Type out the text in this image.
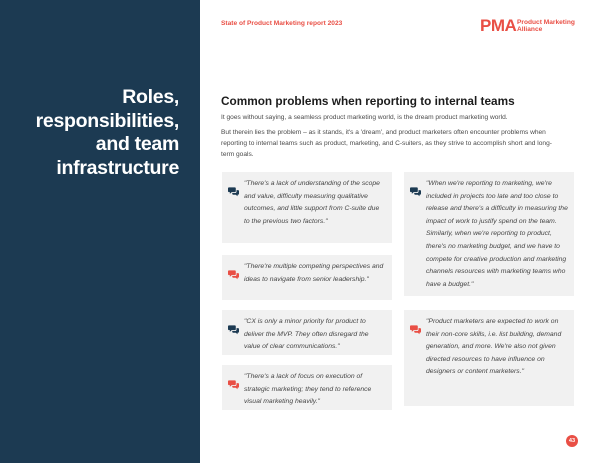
Roles,
responsibilities,
and team
infrastructure
State of Product Marketing report 2023	PMA Product Marketing
Alliance
Common problems when reporting to internal teams

It goes without saying, a seamless product marketing world, is the dream product marketing world.

But therein lies the problem – as it stands, it's a 'dream', and product marketers often encounter problems when reporting to internal teams such as product, marketing, and C-suiters, as they strive to accomplish short and long-term goals.

"There's a lack of understanding of the scope and value, difficulty measuring qualitative outcomes, and little support from C-suite due to the previous two factors."

"When we're reporting to marketing, we're included in projects too late and too close to release and there's a difficulty in measuring the impact of work to justify spend on the team. Similarly, when we're reporting to product, there's no marketing budget, and we have to compete for creative production and marketing channels resources with marketing teams who have a budget."

"There're multiple competing perspectives and ideas to navigate from senior leadership."

"CX is only a minor priority for product to deliver the MVP. They often disregard the value of clear communications."

"Product marketers are expected to work on their non-core skills, i.e. list building, demand generation, and more. We're also not given directed resources to have influence on designers or content marketers."

"There's a lack of focus on execution of strategic marketing; they tend to reference visual marketing heavily."

43
